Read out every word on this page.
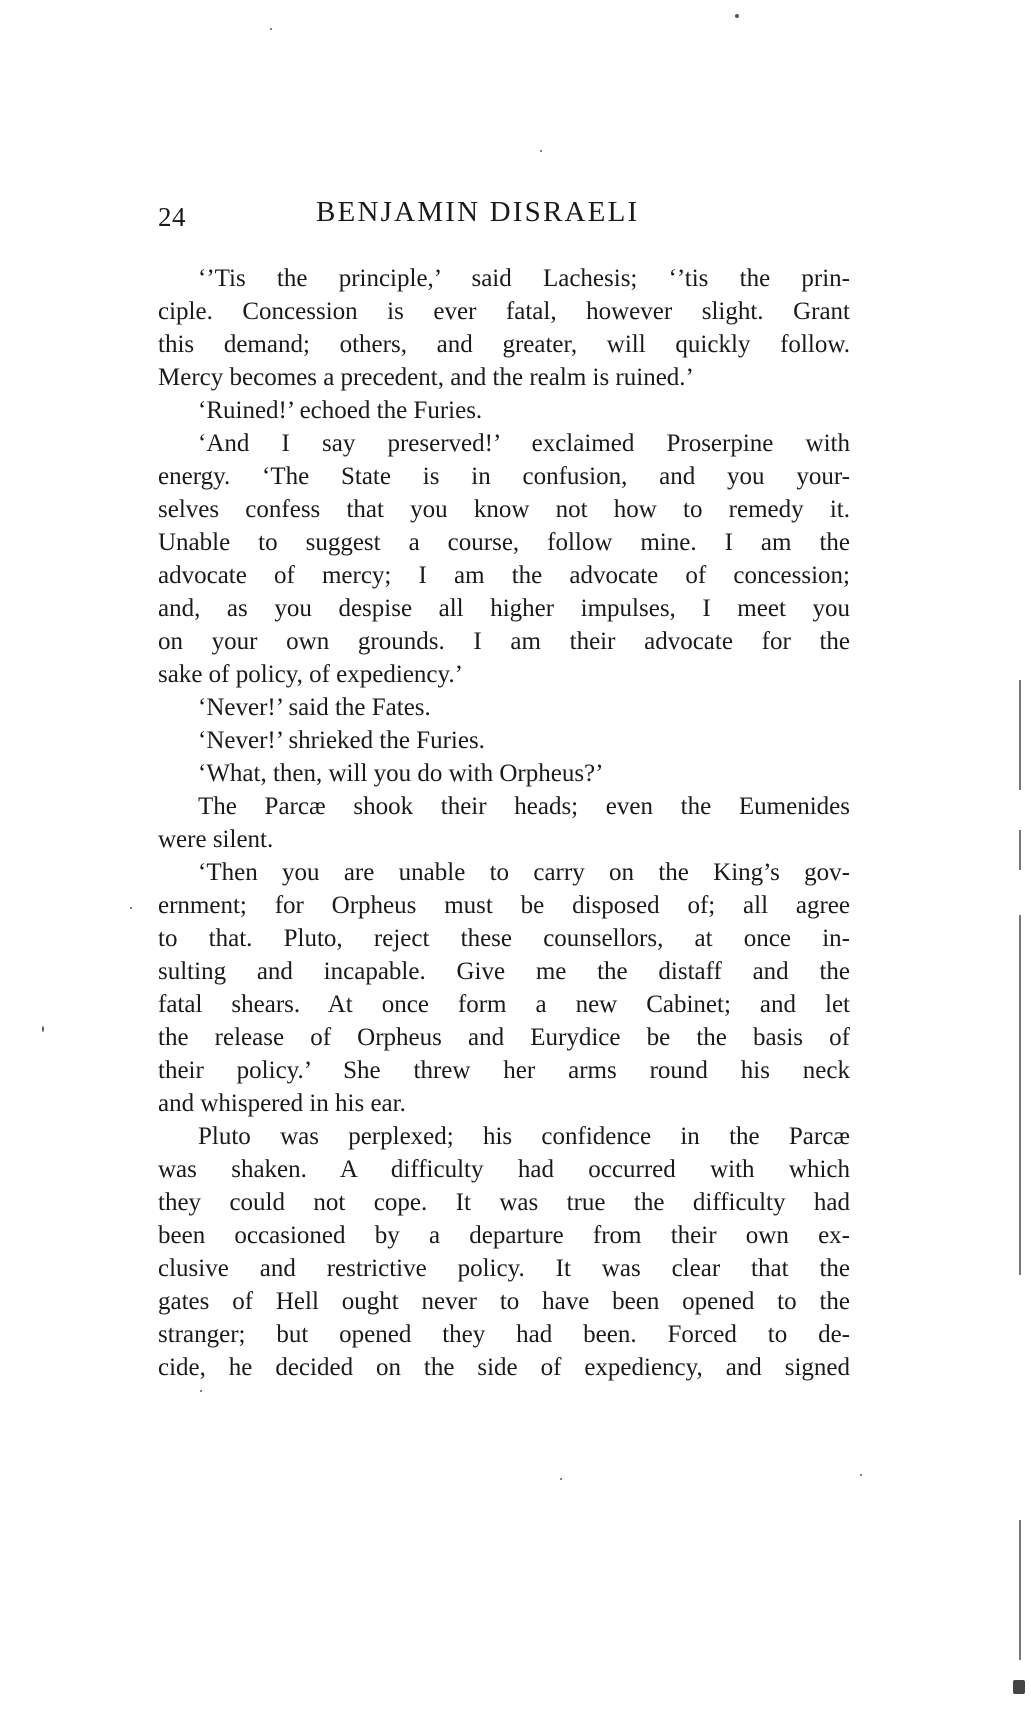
24	BENJAMIN DISRAELI
‘’Tis the principle,’ said Lachesis; ‘’tis the prin-
ciple. Concession is ever fatal, however slight. Grant
this demand; others, and greater, will quickly follow.
Mercy becomes a precedent, and the realm is ruined.’
‘Ruined!’ echoed the Furies.
‘And I say preserved!’ exclaimed Proserpine with
energy. ‘The State is in confusion, and you your-
selves confess that you know not how to remedy it.
Unable to suggest a course, follow mine. I am the
advocate of mercy; I am the advocate of concession;
and, as you despise all higher impulses, I meet you
on your own grounds. I am their advocate for the
sake of policy, of expediency.’
‘Never!’ said the Fates.
‘Never!’ shrieked the Furies.
‘What, then, will you do with Orpheus?’
The Parcæ shook their heads; even the Eumenides
were silent.
‘Then you are unable to carry on the King’s gov-
ernment; for Orpheus must be disposed of; all agree
to that. Pluto, reject these counsellors, at once in-
sulting and incapable. Give me the distaff and the
fatal shears. At once form a new Cabinet; and let
the release of Orpheus and Eurydice be the basis of
their policy.’ She threw her arms round his neck
and whispered in his ear.
Pluto was perplexed; his confidence in the Parcæ
was shaken. A difficulty had occurred with which
they could not cope. It was true the difficulty had
been occasioned by a departure from their own ex-
clusive and restrictive policy. It was clear that the
gates of Hell ought never to have been opened to the
stranger; but opened they had been. Forced to de-
cide, he decided on the side of expediency, and signed
